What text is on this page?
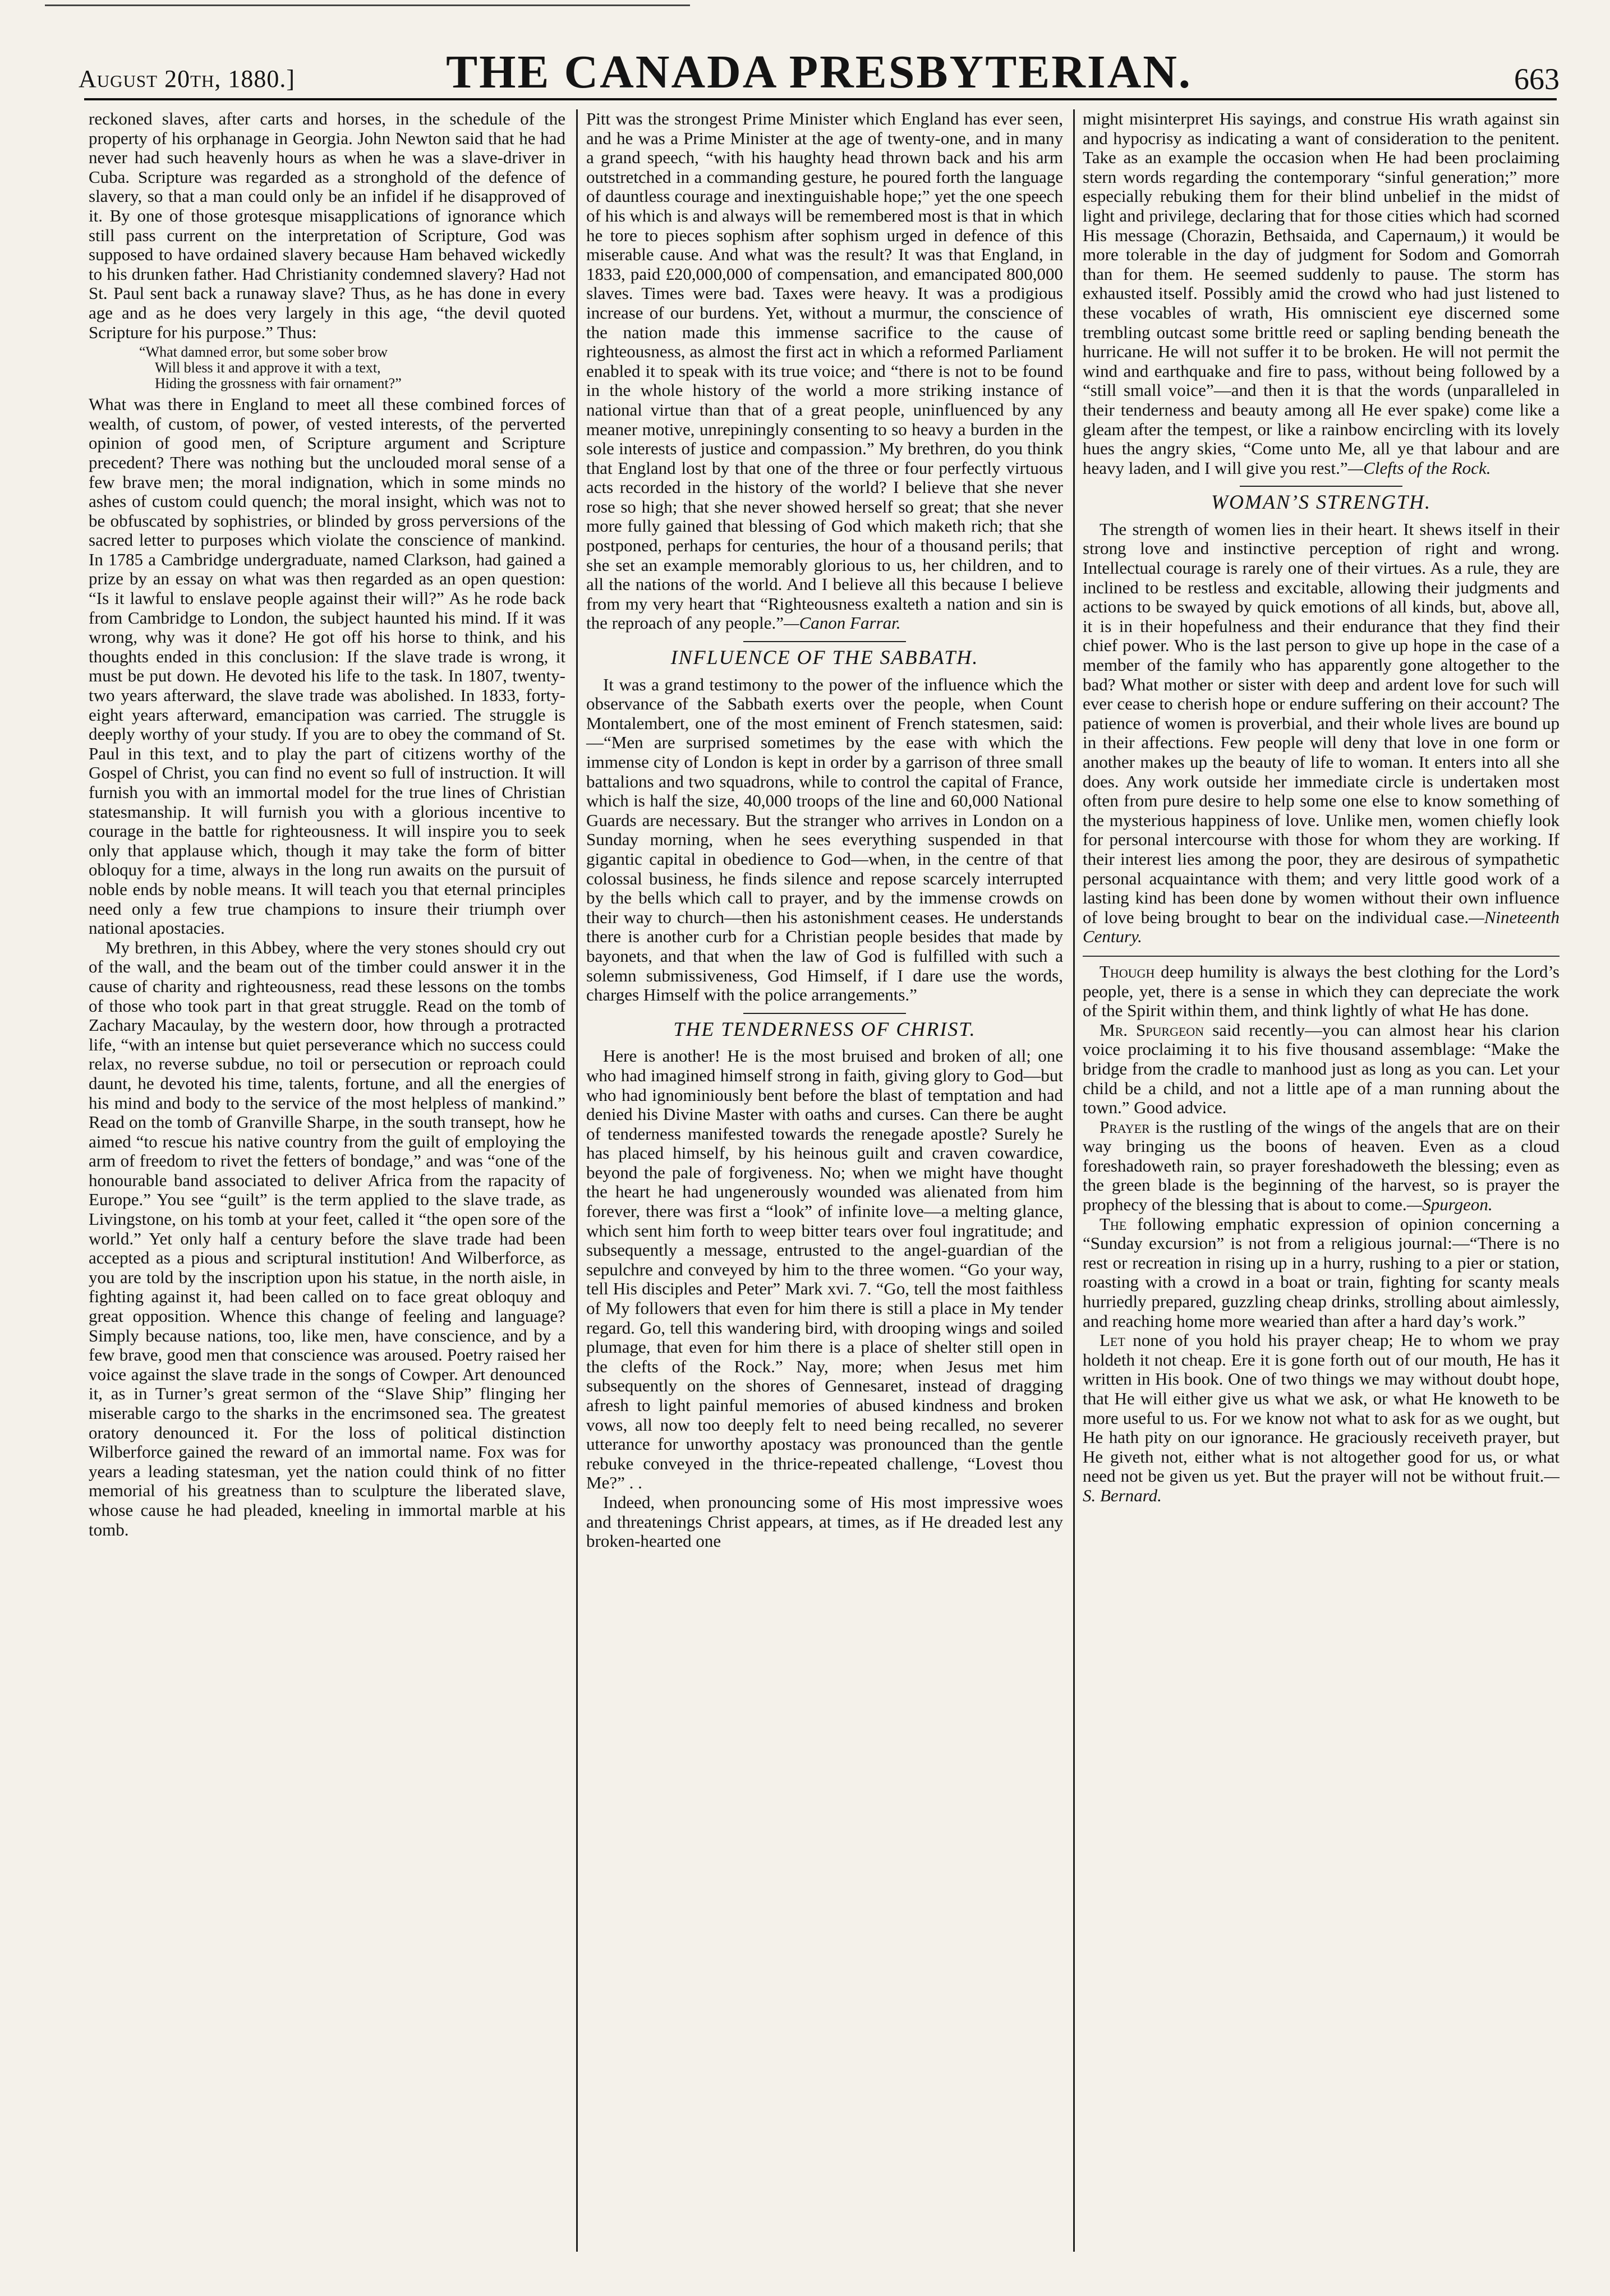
August 20th, 1880.]	THE CANADA PRESBYTERIAN.	663

reckoned slaves, after carts and horses, in the schedule of the property of his orphanage in Georgia. John Newton said that he had never had such heavenly hours as when he was a slave-driver in Cuba. Scripture was regarded as a stronghold of the defence of slavery, so that a man could only be an infidel if he disapproved of it. By one of those grotesque misapplications of ignorance which still pass current on the interpretation of Scripture, God was supposed to have ordained slavery because Ham behaved wickedly to his drunken father. Had Christianity condemned slavery? Had not St. Paul sent back a runaway slave? Thus, as he has done in every age and as he does very largely in this age, “the devil quoted Scripture for his purpose.” Thus:

“What damned error, but some sober brow
Will bless it and approve it with a text,
Hiding the grossness with fair ornament?”

What was there in England to meet all these combined forces of wealth, of custom, of power, of vested interests, of the perverted opinion of good men, of Scripture argument and Scripture precedent? There was nothing but the unclouded moral sense of a few brave men; the moral indignation, which in some minds no ashes of custom could quench; the moral insight, which was not to be obfuscated by sophistries, or blinded by gross perversions of the sacred letter to purposes which violate the conscience of mankind. In 1785 a Cambridge undergraduate, named Clarkson, had gained a prize by an essay on what was then regarded as an open question: “Is it lawful to enslave people against their will?” As he rode back from Cambridge to London, the subject haunted his mind. If it was wrong, why was it done? He got off his horse to think, and his thoughts ended in this conclusion: If the slave trade is wrong, it must be put down. He devoted his life to the task. In 1807, twenty-two years afterward, the slave trade was abolished. In 1833, forty-eight years afterward, emancipation was carried. The struggle is deeply worthy of your study. If you are to obey the command of St. Paul in this text, and to play the part of citizens worthy of the Gospel of Christ, you can find no event so full of instruction. It will furnish you with an immortal model for the true lines of Christian statesmanship. It will furnish you with a glorious incentive to courage in the battle for righteousness. It will inspire you to seek only that applause which, though it may take the form of bitter obloquy for a time, always in the long run awaits on the pursuit of noble ends by noble means. It will teach you that eternal principles need only a few true champions to insure their triumph over national apostacies.

My brethren, in this Abbey, where the very stones should cry out of the wall, and the beam out of the timber could answer it in the cause of charity and righteousness, read these lessons on the tombs of those who took part in that great struggle. Read on the tomb of Zachary Macaulay, by the western door, how through a protracted life, “with an intense but quiet perseverance which no success could relax, no reverse subdue, no toil or persecution or reproach could daunt, he devoted his time, talents, fortune, and all the energies of his mind and body to the service of the most helpless of mankind.” Read on the tomb of Granville Sharpe, in the south transept, how he aimed “to rescue his native country from the guilt of employing the arm of freedom to rivet the fetters of bondage,” and was “one of the honourable band associated to deliver Africa from the rapacity of Europe.” You see “guilt” is the term applied to the slave trade, as Livingstone, on his tomb at your feet, called it “the open sore of the world.” Yet only half a century before the slave trade had been accepted as a pious and scriptural institution! And Wilberforce, as you are told by the inscription upon his statue, in the north aisle, in fighting against it, had been called on to face great obloquy and great opposition. Whence this change of feeling and language? Simply because nations, too, like men, have conscience, and by a few brave, good men that conscience was aroused. Poetry raised her voice against the slave trade in the songs of Cowper. Art denounced it, as in Turner’s great sermon of the “Slave Ship” flinging her miserable cargo to the sharks in the encrimsoned sea. The greatest oratory denounced it. For the loss of political distinction Wilberforce gained the reward of an immortal name. Fox was for years a leading statesman, yet the nation could think of no fitter memorial of his greatness than to sculpture the liberated slave, whose cause he had pleaded, kneeling in immortal marble at his tomb.

Pitt was the strongest Prime Minister which England has ever seen, and he was a Prime Minister at the age of twenty-one, and in many a grand speech, “with his haughty head thrown back and his arm outstretched in a commanding gesture, he poured forth the language of dauntless courage and inextinguishable hope;” yet the one speech of his which is and always will be remembered most is that in which he tore to pieces sophism after sophism urged in defence of this miserable cause. And what was the result? It was that England, in 1833, paid £20,000,000 of compensation, and emancipated 800,000 slaves. Times were bad. Taxes were heavy. It was a prodigious increase of our burdens. Yet, without a murmur, the conscience of the nation made this immense sacrifice to the cause of righteousness, as almost the first act in which a reformed Parliament enabled it to speak with its true voice; and “there is not to be found in the whole history of the world a more striking instance of national virtue than that of a great people, uninfluenced by any meaner motive, unrepiningly consenting to so heavy a burden in the sole interests of justice and compassion.” My brethren, do you think that England lost by that one of the three or four perfectly virtuous acts recorded in the history of the world? I believe that she never rose so high; that she never showed herself so great; that she never more fully gained that blessing of God which maketh rich; that she postponed, perhaps for centuries, the hour of a thousand perils; that she set an example memorably glorious to us, her children, and to all the nations of the world. And I believe all this because I believe from my very heart that “Righteousness exalteth a nation and sin is the reproach of any people.”—Canon Farrar.

INFLUENCE OF THE SABBATH.

It was a grand testimony to the power of the influence which the observance of the Sabbath exerts over the people, when Count Montalembert, one of the most eminent of French statesmen, said:—“Men are surprised sometimes by the ease with which the immense city of London is kept in order by a garrison of three small battalions and two squadrons, while to control the capital of France, which is half the size, 40,000 troops of the line and 60,000 National Guards are necessary. But the stranger who arrives in London on a Sunday morning, when he sees everything suspended in that gigantic capital in obedience to God—when, in the centre of that colossal business, he finds silence and repose scarcely interrupted by the bells which call to prayer, and by the immense crowds on their way to church—then his astonishment ceases. He understands there is another curb for a Christian people besides that made by bayonets, and that when the law of God is fulfilled with such a solemn submissiveness, God Himself, if I dare use the words, charges Himself with the police arrangements.”

THE TENDERNESS OF CHRIST.

Here is another! He is the most bruised and broken of all; one who had imagined himself strong in faith, giving glory to God—but who had ignominiously bent before the blast of temptation and had denied his Divine Master with oaths and curses. Can there be aught of tenderness manifested towards the renegade apostle? Surely he has placed himself, by his heinous guilt and craven cowardice, beyond the pale of forgiveness. No; when we might have thought the heart he had ungenerously wounded was alienated from him forever, there was first a “look” of infinite love—a melting glance, which sent him forth to weep bitter tears over foul ingratitude; and subsequently a message, entrusted to the angel-guardian of the sepulchre and conveyed by him to the three women. “Go your way, tell His disciples and Peter” Mark xvi. 7. “Go, tell the most faithless of My followers that even for him there is still a place in My tender regard. Go, tell this wandering bird, with drooping wings and soiled plumage, that even for him there is a place of shelter still open in the clefts of the Rock.” Nay, more; when Jesus met him subsequently on the shores of Gennesaret, instead of dragging afresh to light painful memories of abused kindness and broken vows, all now too deeply felt to need being recalled, no severer utterance for unworthy apostacy was pronounced than the gentle rebuke conveyed in the thrice-repeated challenge, “Lovest thou Me?” . .

Indeed, when pronouncing some of His most impressive woes and threatenings Christ appears, at times, as if He dreaded lest any broken-hearted one

might misinterpret His sayings, and construe His wrath against sin and hypocrisy as indicating a want of consideration to the penitent. Take as an example the occasion when He had been proclaiming stern words regarding the contemporary “sinful generation;” more especially rebuking them for their blind unbelief in the midst of light and privilege, declaring that for those cities which had scorned His message (Chorazin, Bethsaida, and Capernaum,) it would be more tolerable in the day of judgment for Sodom and Gomorrah than for them. He seemed suddenly to pause. The storm has exhausted itself. Possibly amid the crowd who had just listened to these vocables of wrath, His omniscient eye discerned some trembling outcast some brittle reed or sapling bending beneath the hurricane. He will not suffer it to be broken. He will not permit the wind and earthquake and fire to pass, without being followed by a “still small voice”—and then it is that the words (unparalleled in their tenderness and beauty among all He ever spake) come like a gleam after the tempest, or like a rainbow encircling with its lovely hues the angry skies, “Come unto Me, all ye that labour and are heavy laden, and I will give you rest.”—Clefts of the Rock.

WOMAN’S STRENGTH.

The strength of women lies in their heart. It shews itself in their strong love and instinctive perception of right and wrong. Intellectual courage is rarely one of their virtues. As a rule, they are inclined to be restless and excitable, allowing their judgments and actions to be swayed by quick emotions of all kinds, but, above all, it is in their hopefulness and their endurance that they find their chief power. Who is the last person to give up hope in the case of a member of the family who has apparently gone altogether to the bad? What mother or sister with deep and ardent love for such will ever cease to cherish hope or endure suffering on their account? The patience of women is proverbial, and their whole lives are bound up in their affections. Few people will deny that love in one form or another makes up the beauty of life to woman. It enters into all she does. Any work outside her immediate circle is undertaken most often from pure desire to help some one else to know something of the mysterious happiness of love. Unlike men, women chiefly look for personal intercourse with those for whom they are working. If their interest lies among the poor, they are desirous of sympathetic personal acquaintance with them; and very little good work of a lasting kind has been done by women without their own influence of love being brought to bear on the individual case.—Nineteenth Century.

Though deep humility is always the best clothing for the Lord’s people, yet, there is a sense in which they can depreciate the work of the Spirit within them, and think lightly of what He has done.

Mr. Spurgeon said recently—you can almost hear his clarion voice proclaiming it to his five thousand assemblage: “Make the bridge from the cradle to manhood just as long as you can. Let your child be a child, and not a little ape of a man running about the town.” Good advice.

Prayer is the rustling of the wings of the angels that are on their way bringing us the boons of heaven. Even as a cloud foreshadoweth rain, so prayer foreshadoweth the blessing; even as the green blade is the beginning of the harvest, so is prayer the prophecy of the blessing that is about to come.—Spurgeon.

The following emphatic expression of opinion concerning a “Sunday excursion” is not from a religious journal:—“There is no rest or recreation in rising up in a hurry, rushing to a pier or station, roasting with a crowd in a boat or train, fighting for scanty meals hurriedly prepared, guzzling cheap drinks, strolling about aimlessly, and reaching home more wearied than after a hard day’s work.”

Let none of you hold his prayer cheap; He to whom we pray holdeth it not cheap. Ere it is gone forth out of our mouth, He has it written in His book. One of two things we may without doubt hope, that He will either give us what we ask, or what He knoweth to be more useful to us. For we know not what to ask for as we ought, but He hath pity on our ignorance. He graciously receiveth prayer, but He giveth not, either what is not altogether good for us, or what need not be given us yet. But the prayer will not be without fruit.—S. Bernard.
